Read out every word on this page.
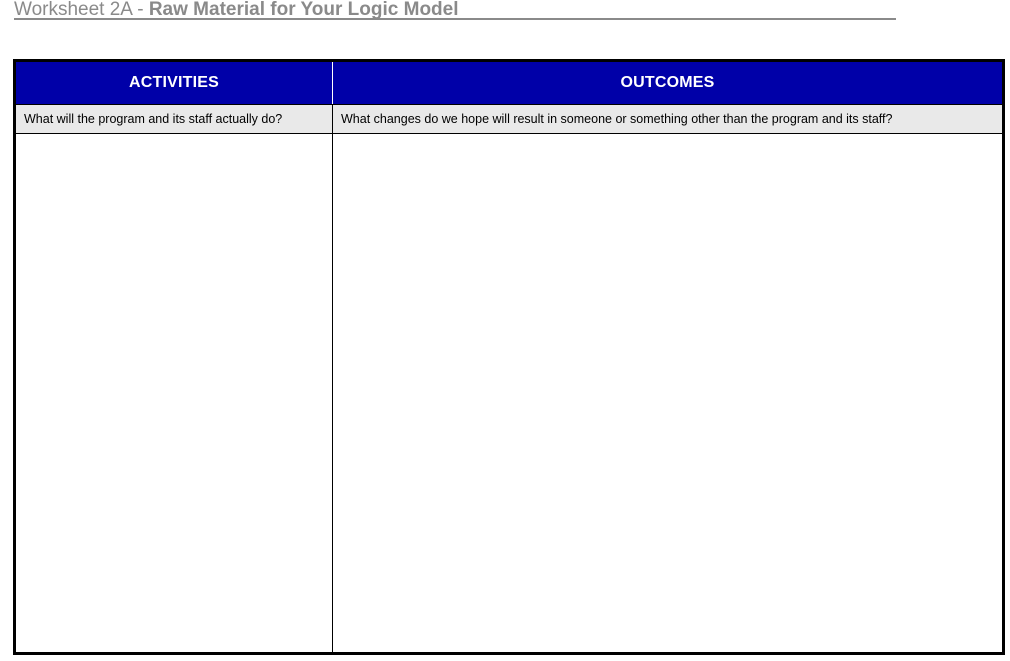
Worksheet 2A - Raw Material for Your Logic Model
ACTIVITIES	OUTCOMES
What will the program and its staff actually do?	What changes do we hope will result in someone or something other than the program and its staff?
